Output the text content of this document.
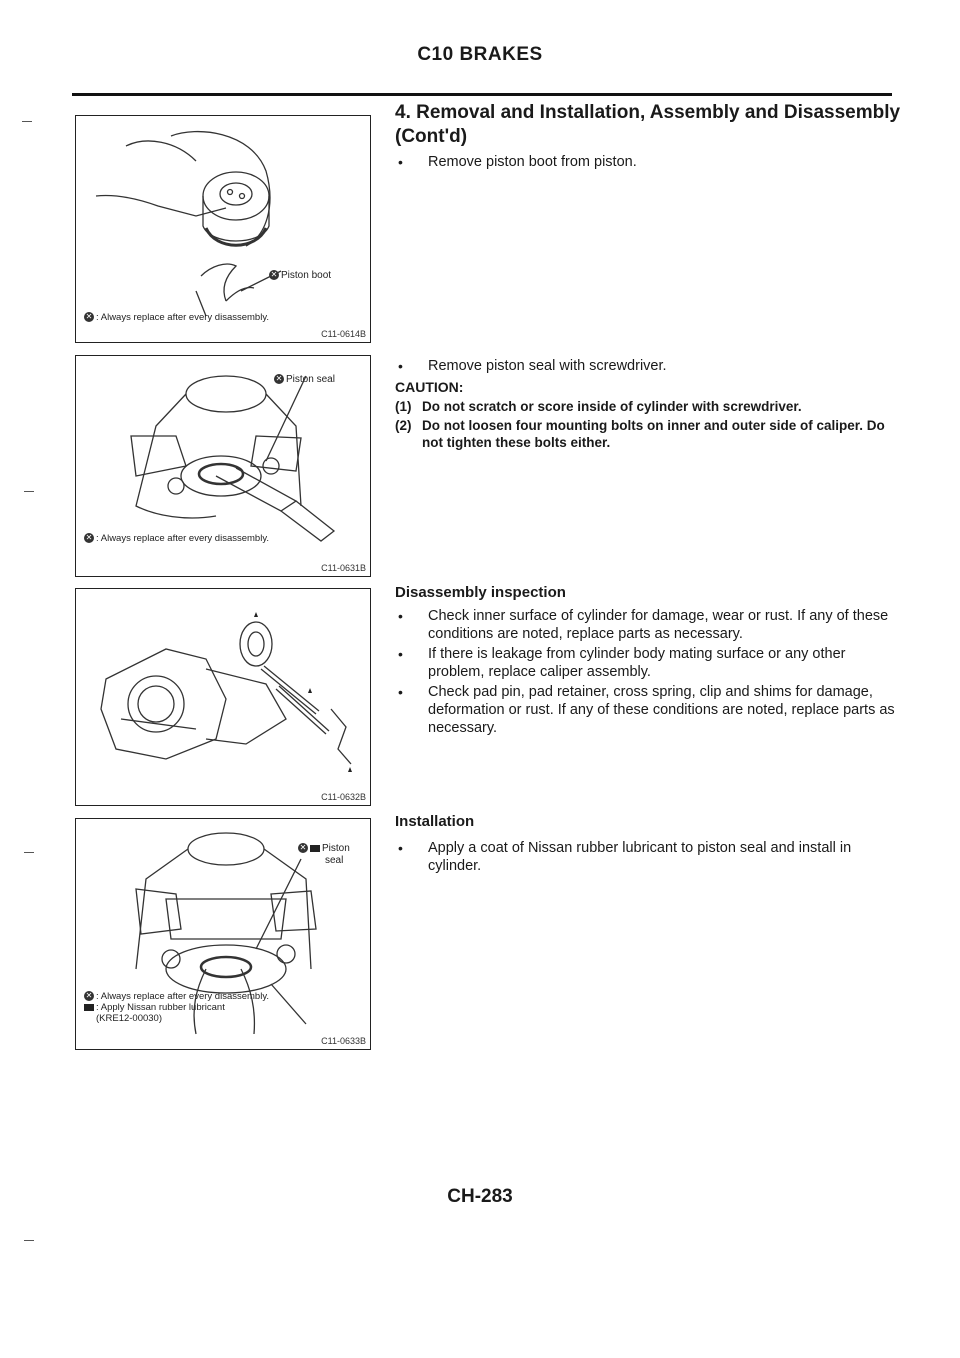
C10 BRAKES
4. Removal and Installation, Assembly and Disassembly (Cont'd)
✕ Piston boot
✕ : Always replace after every disassembly.
C11-0614B
✕ Piston seal
✕ : Always replace after every disassembly.
C11-0631B
C11-0632B
✕ Piston
seal
✕ : Always replace after every disassembly.
: Apply Nissan rubber lubricant
(KRE12-00030)
C11-0633B

• Remove piston boot from piston.

• Remove piston seal with screwdriver.

CAUTION:
(1) Do not scratch or score inside of cylinder with screwdriver.
(2) Do not loosen four mounting bolts on inner and outer side of caliper. Do not tighten these bolts either.
Disassembly inspection

• Check inner surface of cylinder for damage, wear or rust. If any of these conditions are noted, replace parts as necessary.

• If there is leakage from cylinder body mating surface or any other problem, replace caliper assembly.

• Check pad pin, pad retainer, cross spring, clip and shims for damage, deformation or rust. If any of these conditions are noted, replace parts as necessary.

Installation

• Apply a coat of Nissan rubber lubricant to piston seal and install in cylinder.

CH-283
